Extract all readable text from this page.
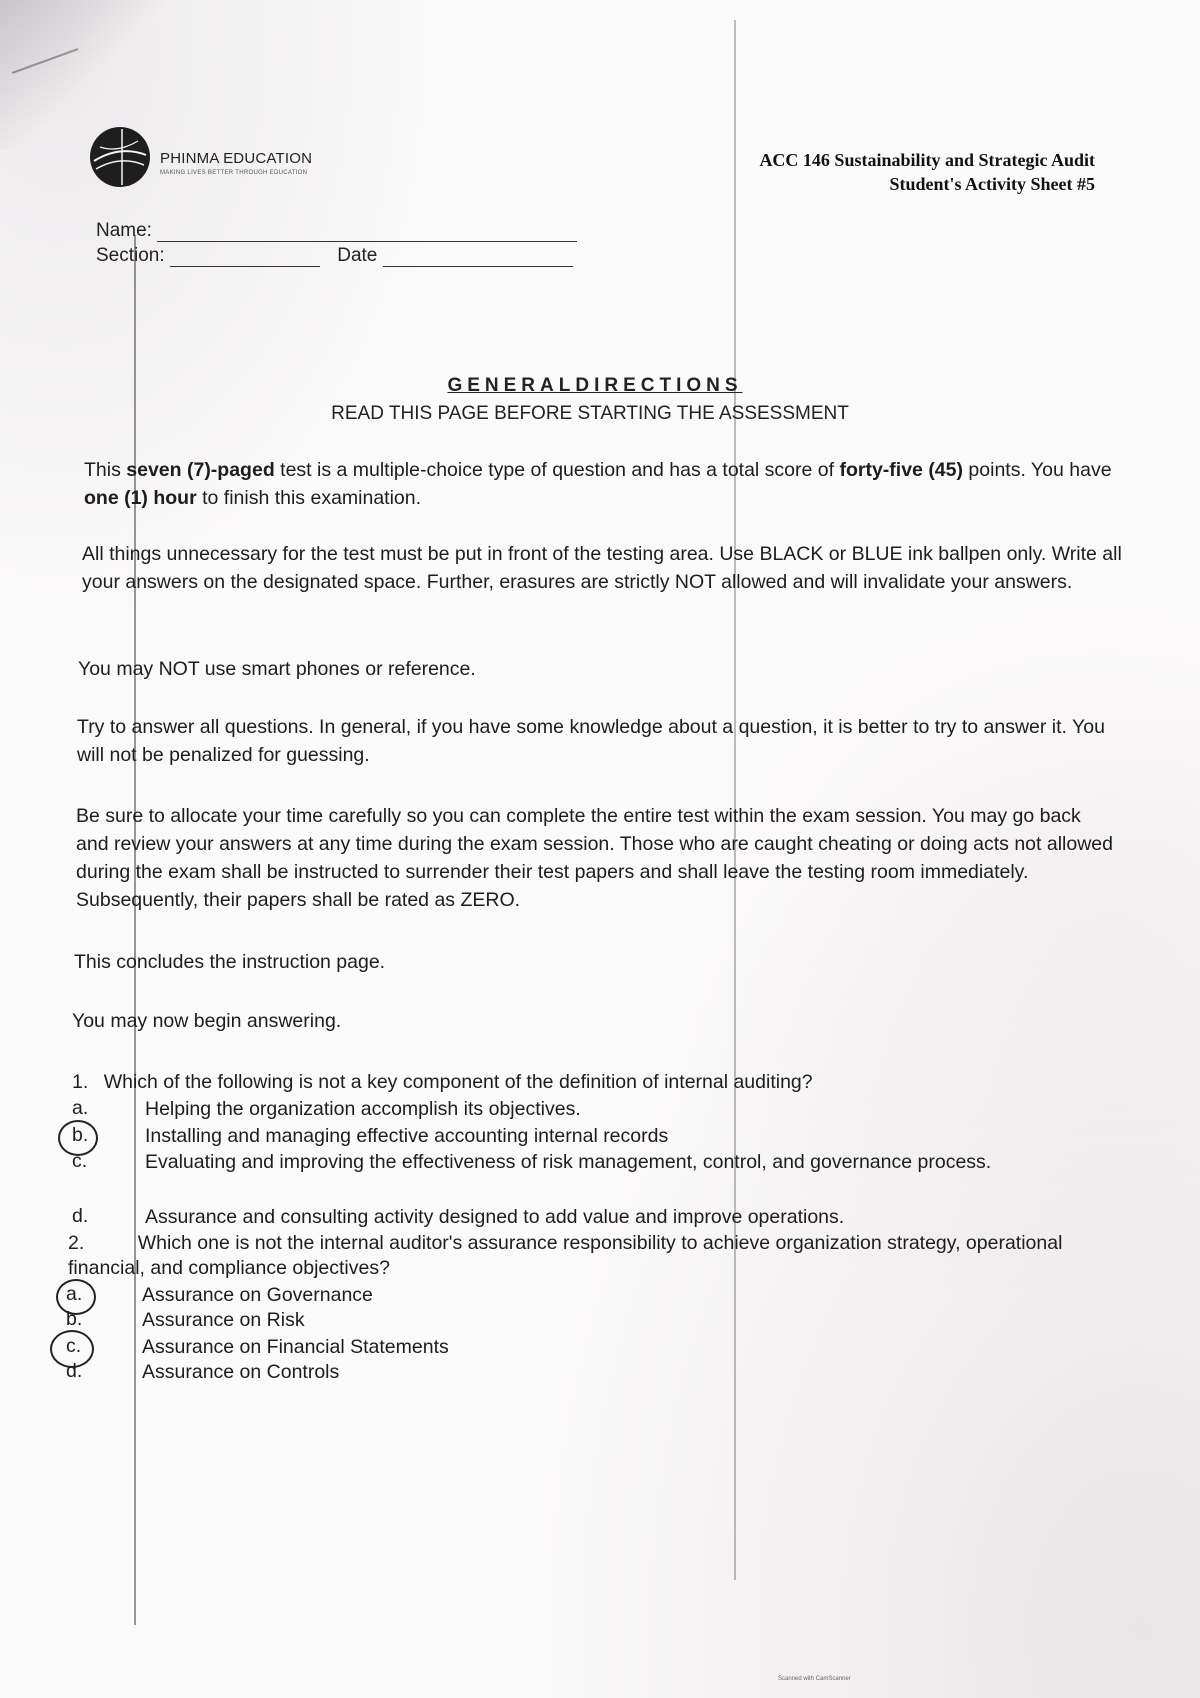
PHINMA EDUCATION
MAKING LIVES BETTER THROUGH EDUCATION
ACC 146 Sustainability and Strategic Audit
Student's Activity Sheet #5
Name:
Section:	Date
GENERALDIRECTIONS
READ THIS PAGE BEFORE STARTING THE ASSESSMENT
This seven (7)-paged test is a multiple-choice type of question and has a total score of forty-five (45) points. You have one (1) hour to finish this examination.
All things unnecessary for the test must be put in front of the testing area. Use BLACK or BLUE ink ballpen only. Write all your answers on the designated space. Further, erasures are strictly NOT allowed and will invalidate your answers.
You may NOT use smart phones or reference.
Try to answer all questions. In general, if you have some knowledge about a question, it is better to try to answer it. You will not be penalized for guessing.
Be sure to allocate your time carefully so you can complete the entire test within the exam session. You may go back and review your answers at any time during the exam session. Those who are caught cheating or doing acts not allowed during the exam shall be instructed to surrender their test papers and shall leave the testing room immediately. Subsequently, their papers shall be rated as ZERO.
This concludes the instruction page.
You may now begin answering.
1. Which of the following is not a key component of the definition of internal auditing?
a.	Helping the organization accomplish its objectives.
b.	Installing and managing effective accounting internal records
c.	Evaluating and improving the effectiveness of risk management, control, and governance process.
d.	Assurance and consulting activity designed to add value and improve operations.
2.	Which one is not the internal auditor's assurance responsibility to achieve organization strategy, operational financial, and compliance objectives?
a.	Assurance on Governance
b.	Assurance on Risk
c.	Assurance on Financial Statements
d.	Assurance on Controls
Scanned with CamScanner
